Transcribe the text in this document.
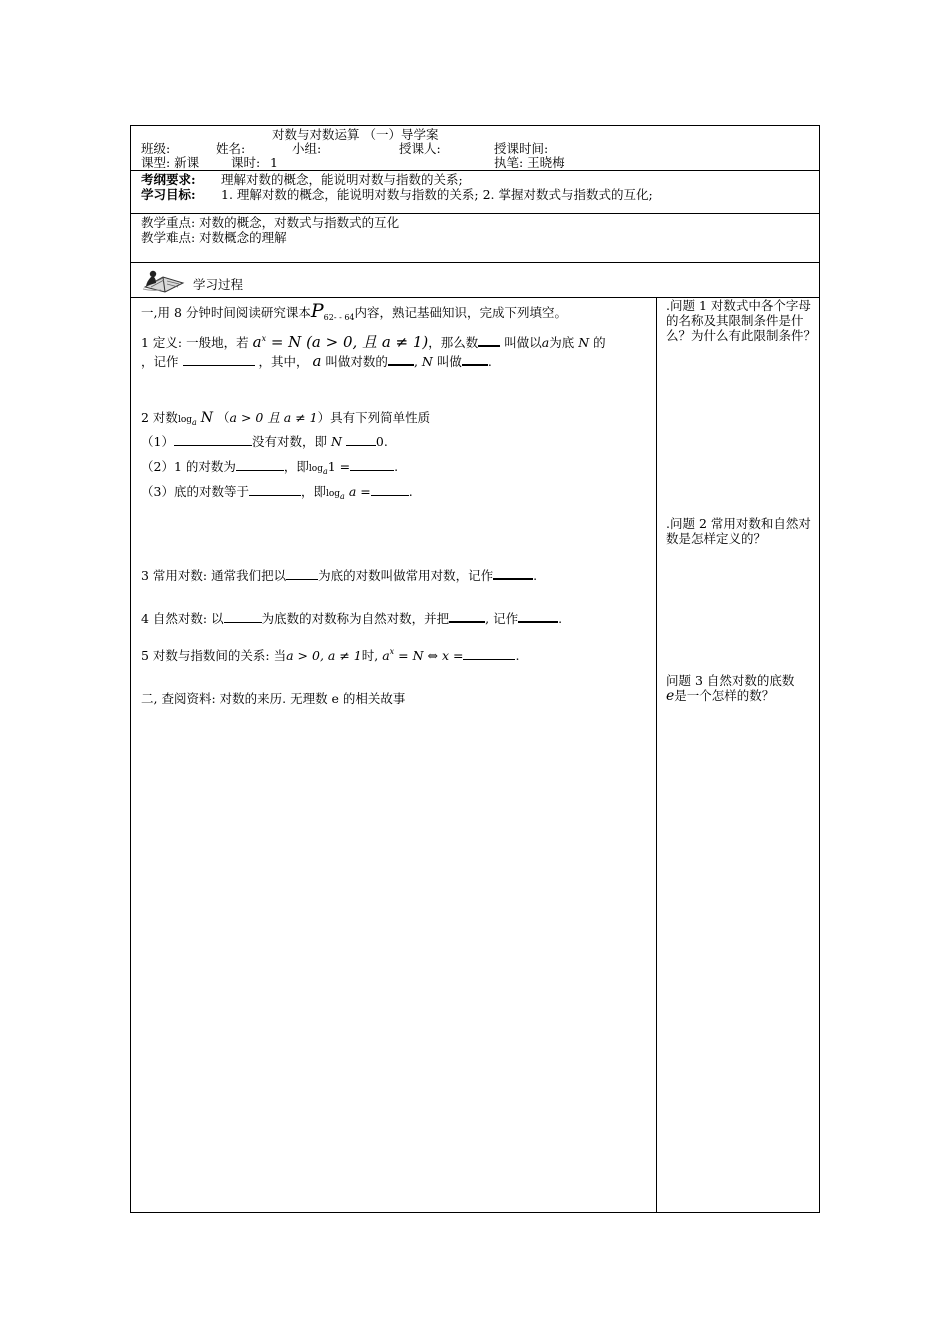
对数与对数运算 （一）导学案
班级:	姓名:	小组:	授课人:	授课时间:
课型: 新课	课时: 1	执笔: 王晓梅
考纲要求: 理解对数的概念，能说明对数与指数的关系;
学习目标: 1. 理解对数的概念，能说明对数与指数的关系; 2. 掌握对数式与指数式的互化;
教学重点: 对数的概念，对数式与指数式的互化
教学难点: 对数概念的理解
学习过程
一,用 8 分钟时间阅读研究课本$P_{62- - 64}$内容，熟记基础知识，完成下列填空。
1 定义: 一般地，若 $a^x = N$ (a > 0, 且 a ≠ 1)，那么数 叫做以a为底 N 的
，记作	，其中， a 叫做对数的 , N 叫做 .
2 对数$\log_a N$ （a > 0 且 a ≠ 1）具有下列简单性质
（1）	没有对数，即 N	0.
（2）1 的对数为	，即$\log_a1$ =	.
（3）底的对数等于	，即$\log_a a$ =	.
3 常用对数: 通常我们把以	为底的对数叫做常用对数，记作	.
4 自然对数: 以	为底数的对数称为自然对数，并把	, 记作	.
5 对数与指数间的关系: 当a > 0, a ≠ 1时, $a^x = N$ ⇔ x =	.
二, 查阅资料: 对数的来历. 无理数 e 的相关故事
.问题 1 对数式中各个字母的名称及其限制条件是什么？为什么有此限制条件？
.问题 2 常用对数和自然对数是怎样定义的？
问题 3 自然对数的底数
e是一个怎样的数？
